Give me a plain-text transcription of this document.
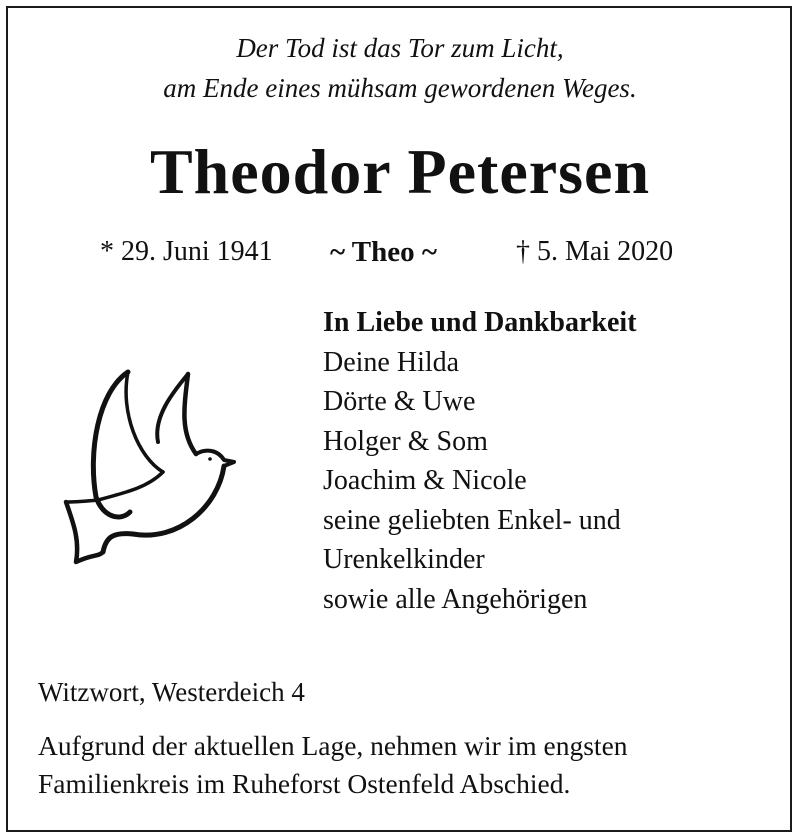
Der Tod ist das Tor zum Licht,
am Ende eines mühsam gewordenen Weges.
Theodor Petersen
* 29. Juni 1941 ~ Theo ~	† 5. Mai 2020
In Liebe und Dankbarkeit
Deine Hilda
Dörte & Uwe
Holger & Som
Joachim & Nicole
seine geliebten Enkel- und
Urenkelkinder
sowie alle Angehörigen
Witzwort, Westerdeich 4
Aufgrund der aktuellen Lage, nehmen wir im engsten
Familienkreis im Ruheforst Ostenfeld Abschied.
